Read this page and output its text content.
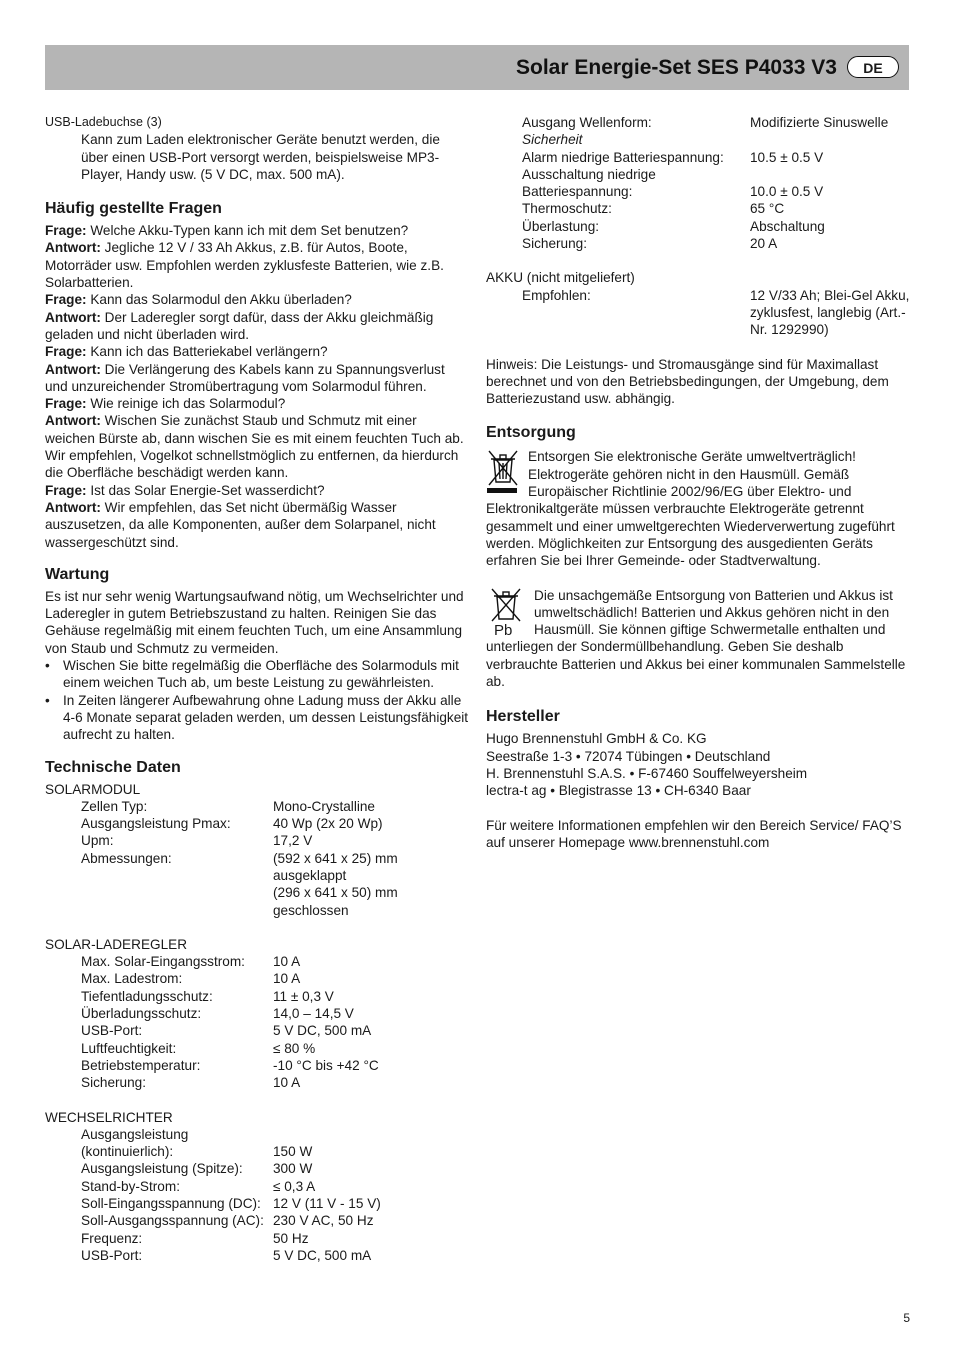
Solar Energie-Set SES P4033 V3	DE

USB-Ladebuchse (3)

Kann zum Laden elektronischer Geräte benutzt werden, die über einen USB-Port versorgt werden, beispielsweise MP3-Player, Handy usw. (5 V DC, max. 500 mA).

Häufig gestellte Fragen

Frage: Welche Akku-Typen kann ich mit dem Set benutzen?

Antwort: Jegliche 12 V / 33 Ah Akkus, z.B. für Autos, Boote, Motorräder usw. Empfohlen werden zyklusfeste Batterien, wie z.B. Solarbatterien.

Frage: Kann das Solarmodul den Akku überladen?

Antwort: Der Laderegler sorgt dafür, dass der Akku gleichmäßig geladen und nicht überladen wird.

Frage: Kann ich das Batteriekabel verlängern?

Antwort: Die Verlängerung des Kabels kann zu Spannungsverlust und unzureichender Stromübertragung vom Solarmodul führen.

Frage: Wie reinige ich das Solarmodul?

Antwort: Wischen Sie zunächst Staub und Schmutz mit einer weichen Bürste ab, dann wischen Sie es mit einem feuchten Tuch ab. Wir empfehlen, Vogelkot schnellstmöglich zu entfernen, da hierdurch die Oberfläche beschädigt werden kann.

Frage: Ist das Solar Energie-Set wasserdicht?

Antwort: Wir empfehlen, das Set nicht übermäßig Wasser auszusetzen, da alle Komponenten, außer dem Solarpanel, nicht wassergeschützt sind.

Wartung

Es ist nur sehr wenig Wartungsaufwand nötig, um Wechselrichter und Laderegler in gutem Betriebszustand zu halten. Reinigen Sie das Gehäuse regelmäßig mit einem feuchten Tuch, um eine Ansammlung von Staub und Schmutz zu vermeiden.

• Wischen Sie bitte regelmäßig die Oberfläche des Solarmoduls mit einem weichen Tuch ab, um beste Leistung zu gewährleisten.
• In Zeiten längerer Aufbewahrung ohne Ladung muss der Akku alle 4-6 Monate separat geladen werden, um dessen Leistungsfähigkeit aufrecht zu halten.
Technische Daten

SOLARMODUL

Zellen Typ:	Mono-Crystalline
Ausgangsleistung Pmax:	40 Wp (2x 20 Wp)
Upm:	17,2 V
Abmessungen:	(592 x 641 x 25) mm ausgeklappt
(296 x 641 x 50) mm geschlossen

SOLAR-LADEREGLER

Max. Solar-Eingangsstrom:	10 A
Max. Ladestrom:	10 A
Tiefentladungsschutz:	11 ± 0,3 V
Überladungsschutz:	14,0 – 14,5 V
USB-Port:	5 V DC, 500 mA
Luftfeuchtigkeit:	≤ 80 %
Betriebstemperatur:	-10 °C bis +42 °C
Sicherung:	10 A

WECHSELRICHTER

Ausgangsleistung
(kontinuierlich):	150 W
Ausgangsleistung (Spitze):	300 W
Stand-by-Strom:	≤ 0,3 A
Soll-Eingangsspannung (DC): 12 V (11 V - 15 V)
Soll-Ausgangsspannung (AC): 230 V AC, 50 Hz
Frequenz:	50 Hz
USB-Port:	5 V DC, 500 mA
Ausgang Wellenform:	Modifizierte Sinuswelle

Sicherheit

Alarm niedrige Batteriespannung:	10.5 ± 0.5 V
Ausschaltung niedrige
Batteriespannung:	10.0 ± 0.5 V
Thermoschutz:	65 °C
Überlastung:	Abschaltung
Sicherung:	20 A

AKKU (nicht mitgeliefert)

Empfohlen:	12 V/33 Ah; Blei-Gel Akku, zyklusfest, langlebig (Art.-Nr. 1292990)

Hinweis: Die Leistungs- und Stromausgänge sind für Maximallast berechnet und von den Betriebsbedingungen, der Umgebung, dem Batteriezustand usw. abhängig.

Entsorgung

Entsorgen Sie elektronische Geräte umweltverträglich! Elektrogeräte gehören nicht in den Hausmüll. Gemäß Europäischer Richtlinie 2002/96/EG über Elektro- und Elektronikaltgeräte müssen verbrauchte Elektrogeräte getrennt gesammelt und einer umweltgerechten Wiederverwertung zugeführt werden. Möglichkeiten zur Entsorgung des ausgedienten Geräts erfahren Sie bei Ihrer Gemeinde- oder Stadtverwaltung.

Pb

Die unsachgemäße Entsorgung von Batterien und Akkus ist umweltschädlich! Batterien und Akkus gehören nicht in den Hausmüll. Sie können giftige Schwermetalle enthalten und unterliegen der Sondermüllbehandlung. Geben Sie deshalb verbrauchte Batterien und Akkus bei einer kommunalen Sammelstelle ab.

Hersteller

Hugo Brennenstuhl GmbH & Co. KG

Seestraße 1-3 • 72074 Tübingen • Deutschland

H. Brennenstuhl S.A.S. • F-67460 Souffelweyersheim

lectra-t ag • Blegistrasse 13 • CH-6340 Baar

Für weitere Informationen empfehlen wir den Bereich Service/ FAQ’S auf unserer Homepage www.brennenstuhl.com

5
